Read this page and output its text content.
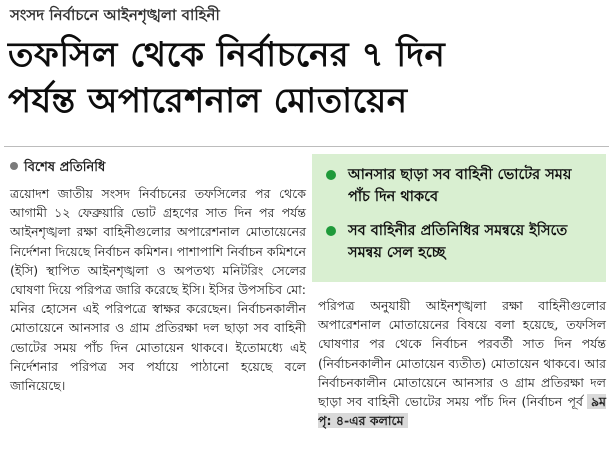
সংসদ নির্বাচনে আইনশৃঙ্খলা বাহিনী
তফসিল থেকে নির্বাচনের ৭ দিন
পর্যন্ত অপারেশনাল মোতায়েন
বিশেষ প্রতিনিধি

ত্রয়োদশ জাতীয় সংসদ নির্বাচনের তফসিলের পর থেকে আগামী ১২ ফেব্রুয়ারি ভোট গ্রহণের সাত দিন পর পর্যন্ত আইনশৃঙ্খলা রক্ষা বাহিনীগুলোর অপারেশনাল মোতায়েনের নির্দেশনা দিয়েছে নির্বাচন কমিশন। পাশাপাশি নির্বাচন কমিশনে (ইসি) স্থাপিত আইনশৃঙ্খলা ও অপতথ্য মনিটরিং সেলের ঘোষণা দিয়ে পরিপত্র জারি করেছে ইসি। ইসির উপসচিব মো: মনির হোসেন এই পরিপত্রে স্বাক্ষর করেছেন। নির্বাচনকালীন মোতায়েনে আনসার ও গ্রাম প্রতিরক্ষা দল ছাড়া সব বাহিনী ভোটের সময় পাঁচ দিন মোতায়েন থাকবে। ইতোমধ্যে এই নির্দেশনার পরিপত্র সব পর্যায়ে পাঠানো হয়েছে বলে জানিয়েছে।

আনসার ছাড়া সব বাহিনী ভোটের সময় পাঁচ দিন থাকবে
সব বাহিনীর প্রতিনিধির সমন্বয়ে ইসিতে সমন্বয় সেল হচ্ছে

পরিপত্র অনুযায়ী আইনশৃঙ্খলা রক্ষা বাহিনীগুলোর অপারেশনাল মোতায়েনের বিষয়ে বলা হয়েছে, তফসিল ঘোষণার পর থেকে নির্বাচন পরবর্তী সাত দিন পর্যন্ত (নির্বাচনকালীন মোতায়েন ব্যতীত) মোতায়েন থাকবে। আর নির্বাচনকালীন মোতায়েনে আনসার ও গ্রাম প্রতিরক্ষা দল ছাড়া সব বাহিনী ভোটের সময় পাঁচ দিন (নির্বাচন পূর্ব ৯ম পৃ: ৪-এর কলামে
